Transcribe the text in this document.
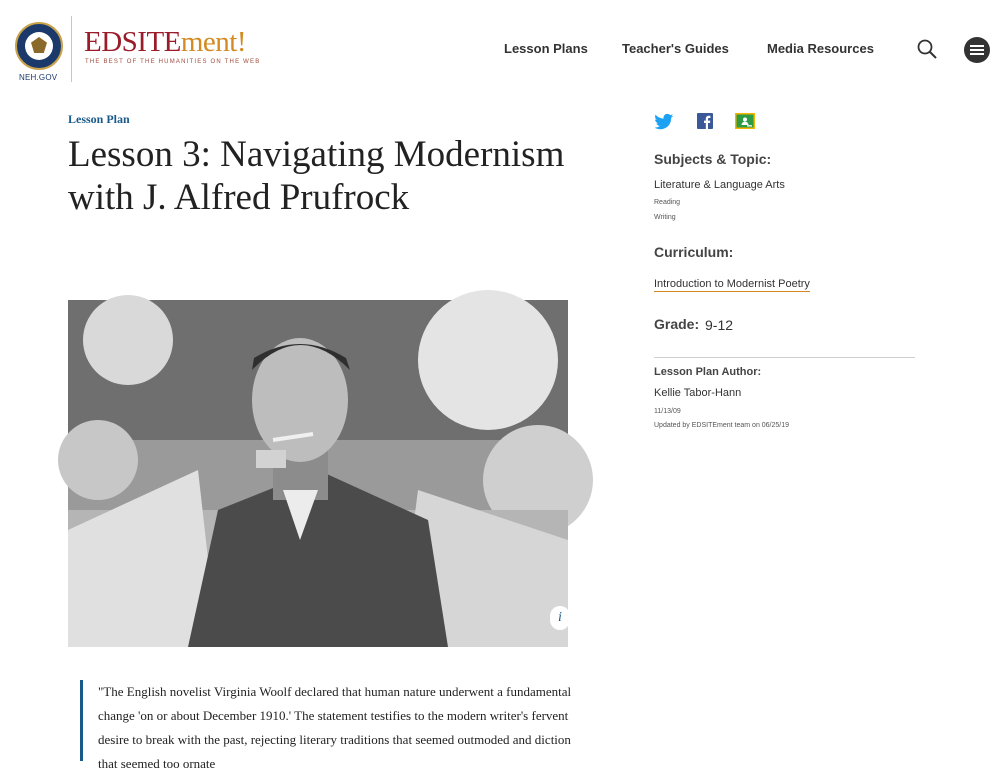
NEH.GOV
EDSITEment!
THE BEST OF THE HUMANITIES ON THE WEB
Lesson Plans	Teacher's Guides	Media Resources
Lesson Plan
Lesson 3: Navigating Modernism with J. Alfred Prufrock
i

"The English novelist Virginia Woolf declared that human nature underwent a fundamental change 'on or about December 1910.' The statement testifies to the modern writer's fervent desire to break with the past, rejecting literary traditions that seemed outmoded and diction that seemed too ornate

Subjects & Topic:
Literature & Language Arts
Reading
Writing
Curriculum:
Introduction to Modernist Poetry
Grade: 9-12
Lesson Plan Author:
Kellie Tabor-Hann
11/13/09
Updated by EDSITEment team on 06/25/19
